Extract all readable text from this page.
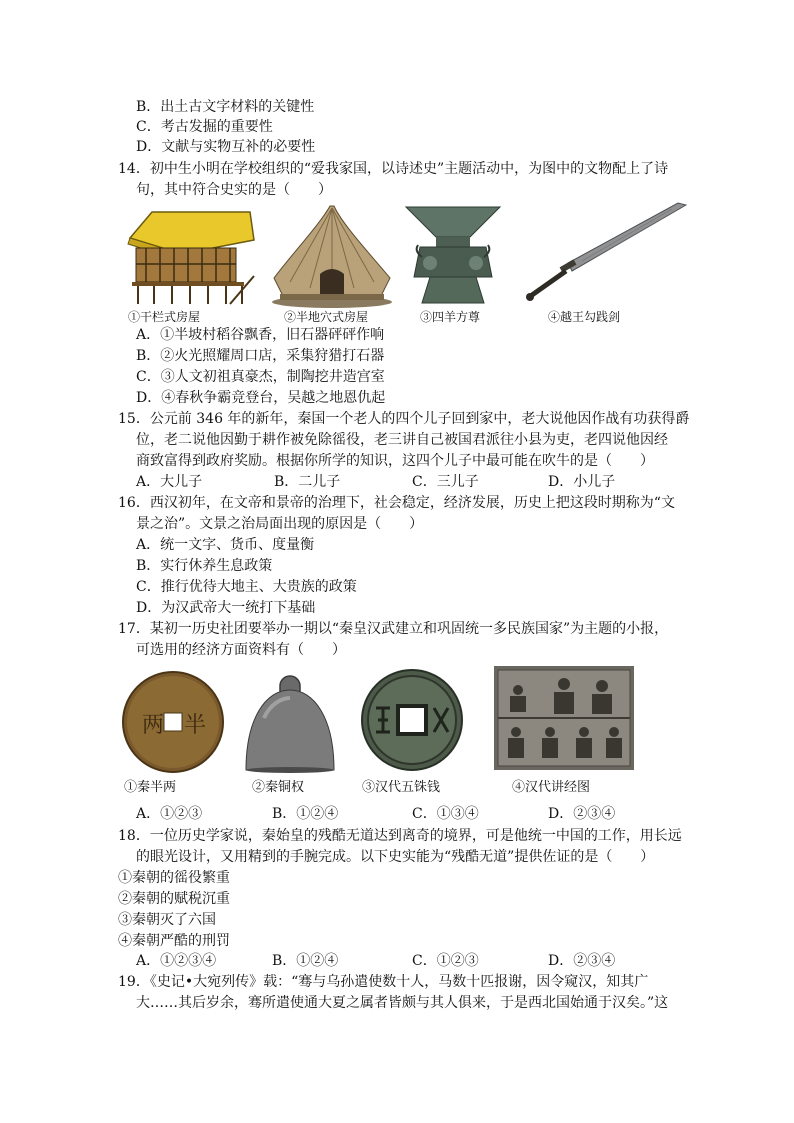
B．出土古文字材料的关键性
C．考古发掘的重要性
D．文献与实物互补的必要性
14．初中生小明在学校组织的“爱我家国，以诗述史”主题活动中，为图中的文物配上了诗
句，其中符合史实的是（　　）
①干栏式房屋	②半地穴式房屋	③四羊方尊	④越王勾践剑
A．①半坡村稻谷飘香，旧石器砰砰作响
B．②火光照耀周口店，采集狩猎打石器
C．③人文初祖真豪杰，制陶挖井造宫室
D．④春秋争霸竞登台，吴越之地恩仇起
15．公元前 346 年的新年，秦国一个老人的四个儿子回到家中，老大说他因作战有功获得爵
位，老二说他因勤于耕作被免除徭役，老三讲自己被国君派往小县为吏，老四说他因经
商致富得到政府奖励。根据你所学的知识，这四个儿子中最可能在吹牛的是（　　）
A．大儿子	B．二儿子	C．三儿子	D．小儿子
16．西汉初年，在文帝和景帝的治理下，社会稳定，经济发展，历史上把这段时期称为“文
景之治”。文景之治局面出现的原因是（　　）
A．统一文字、货币、度量衡
B．实行休养生息政策
C．推行优待大地主、大贵族的政策
D．为汉武帝大一统打下基础
17．某初一历史社团要举办一期以“秦皇汉武建立和巩固统一多民族国家”为主题的小报，
可选用的经济方面资料有（　　）
两 半
①秦半两	②秦铜权	③汉代五铢钱	④汉代讲经图
A．①②③	B．①②④	C．①③④	D．②③④
18．一位历史学家说，秦始皇的残酷无道达到离奇的境界，可是他统一中国的工作，用长远
的眼光设计，又用精到的手腕完成。以下史实能为“残酷无道”提供佐证的是（　　）
①秦朝的徭役繁重
②秦朝的赋税沉重
③秦朝灭了六国
④秦朝严酷的刑罚
A．①②③④	B．①②④	C．①②③	D．②③④
19．《史记•大宛列传》载：“骞与乌孙遣使数十人，马数十匹报谢，因令窥汉，知其广
大……其后岁余，骞所遣使通大夏之属者皆颇与其人俱来，于是西北国始通于汉矣。”这
